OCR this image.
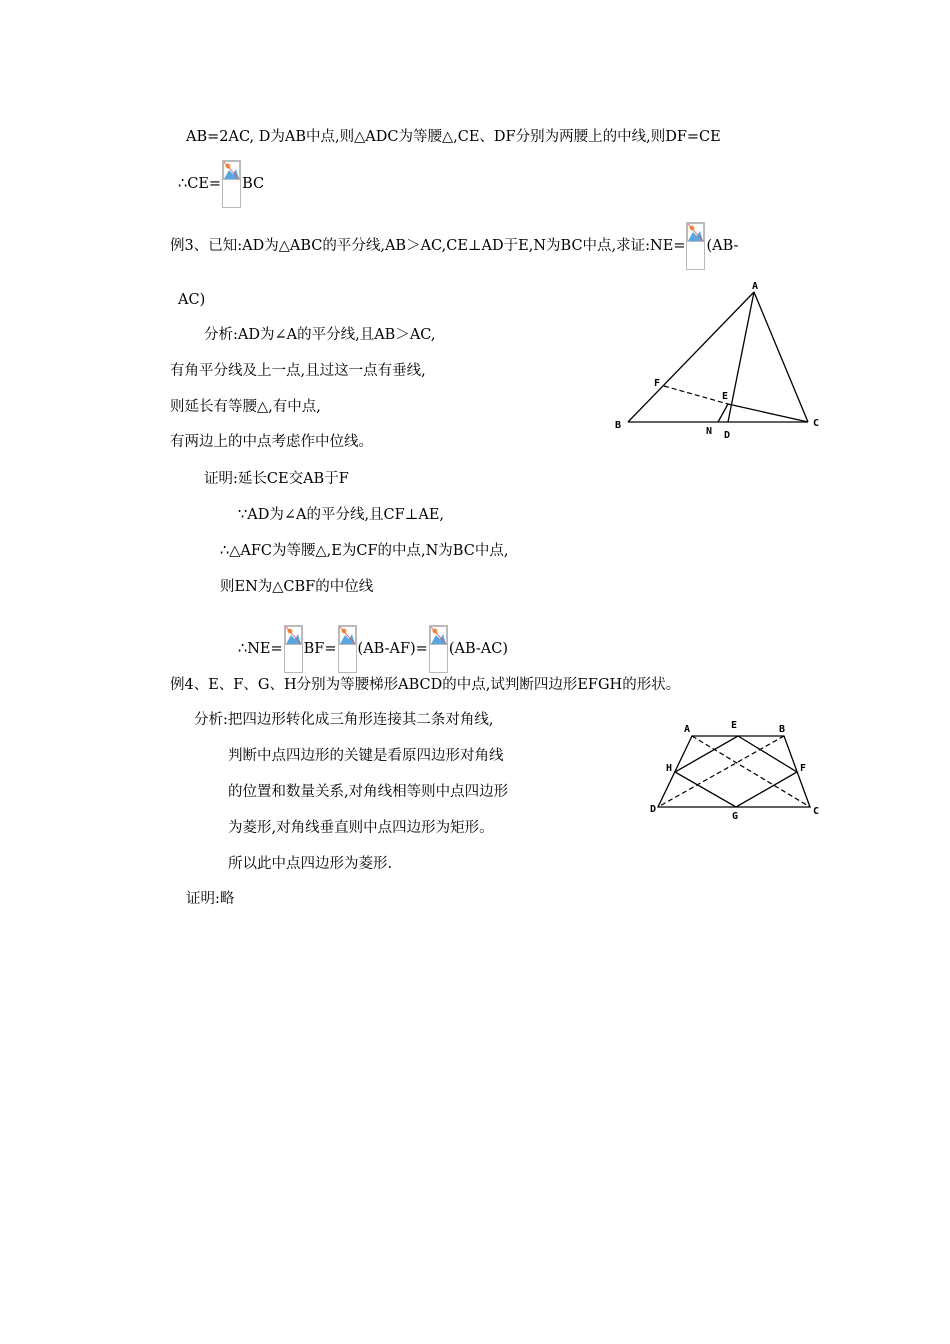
AB=2AC, D为AB中点,则△ADC为等腰△,CE、DF分别为两腰上的中线,则DF=CE
∴CE= BC
例3、已知:AD为△ABC的平分线,AB＞AC,CE⊥AD于E,N为BC中点,求证:NE= (AB-
AC)
分析:AD为∠A的平分线,且AB＞AC,
有角平分线及上一点,且过这一点有垂线,
则延长有等腰△,有中点,
有两边上的中点考虑作中位线。
证明:延长CE交AB于F
∵AD为∠A的平分线,且CF⊥AE,
∴△AFC为等腰△,E为CF的中点,N为BC中点,
则EN为△CBF的中位线
∴NE= BF= (AB-AF)= (AB-AC)
例4、E、F、G、H分别为等腰梯形ABCD的中点,试判断四边形EFGH的形状。
分析:把四边形转化成三角形连接其二条对角线,
判断中点四边形的关键是看原四边形对角线
的位置和数量关系,对角线相等则中点四边形
为菱形,对角线垂直则中点四边形为矩形。
所以此中点四边形为菱形.
证明:略
A
B	C
D
E
F
N
A	B
C
D
E
F
G
H
